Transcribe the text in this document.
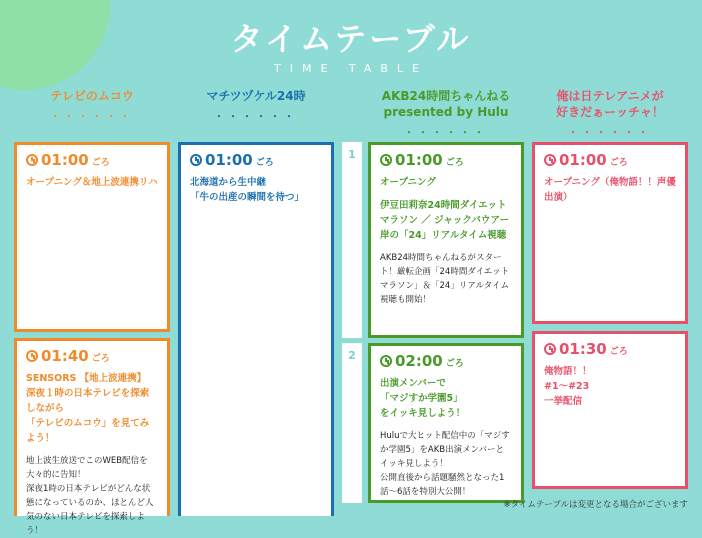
タイムテーブル
TIME TABLE
テレビのムコウ
・・・・・・
マチツヅケル24時
・・・・・・
AKB24時間ちゃんねる
presented by Hulu
・・・・・・
俺は日テレアニメが
好きだぁーッチャ！
・・・・・・
1
2
01:00 ごろ

オープニング＆地上波連携リハ

01:40 ごろ

SENSORS 【地上波連携】
深夜１時の日本テレビを探索しながら
「テレビのムコウ」を見てみよう！

地上波生放送でこのWEB配信を大々的に告知！
深夜1時の日本テレビがどんな状態になっているのか、ほとんど人気のない日本テレビを探索しよう！
01:00 ごろ

北海道から生中継
「牛の出産の瞬間を待つ」

01:00 ごろ

オープニング

伊豆田莉奈24時間ダイエットマラソン ／ ジャックバウアー岸の「24」リアルタイム視聴

AKB24時間ちゃんねるがスタート！厳転企画「24時間ダイエットマラソン」＆「24」リアルタイム視聴も開始！
02:00 ごろ

出演メンバーで
「マジすか学園5」
をイッキ見しよう！

Huluで大ヒット配信中の「マジすか学園5」をAKB出演メンバーとイッキ見しよう！
公開直後から話題騒然となった1話〜6話を特別大公開！
01:00 ごろ

オープニング（俺物語！！声優出演）

01:30 ごろ

俺物語！！
#1〜#23
一挙配信

※タイムテーブルは変更となる場合がございます
